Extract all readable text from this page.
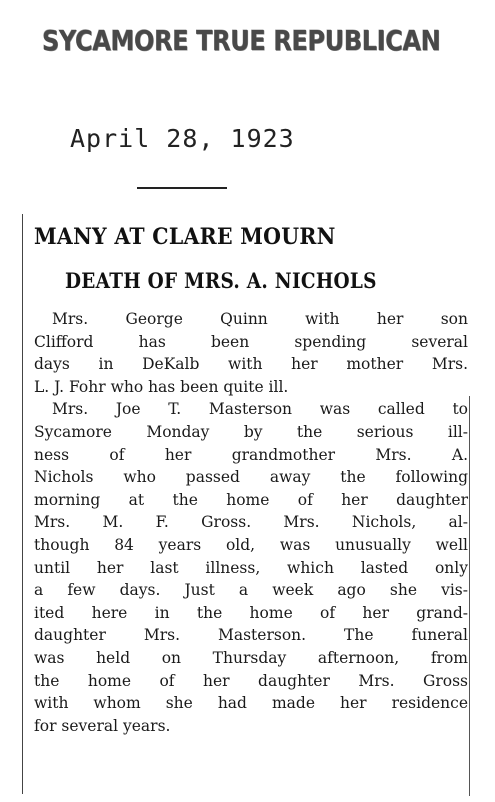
SYCAMORE TRUE REPUBLICAN
April 28, 1923
MANY AT CLARE MOURN
DEATH OF MRS. A. NICHOLS
Mrs. George Quinn with her son
Clifford has been spending several
days in DeKalb with her mother Mrs.
L. J. Fohr who has been quite ill.
Mrs. Joe T. Masterson was called to
Sycamore Monday by the serious ill-
ness of her grandmother Mrs. A.
Nichols who passed away the following
morning at the home of her daughter
Mrs. M. F. Gross. Mrs. Nichols, al-
though 84 years old, was unusually well
until her last illness, which lasted only
a few days. Just a week ago she vis-
ited here in the home of her grand-
daughter Mrs. Masterson. The funeral
was held on Thursday afternoon, from
the home of her daughter Mrs. Gross
with whom she had made her residence
for several years.
